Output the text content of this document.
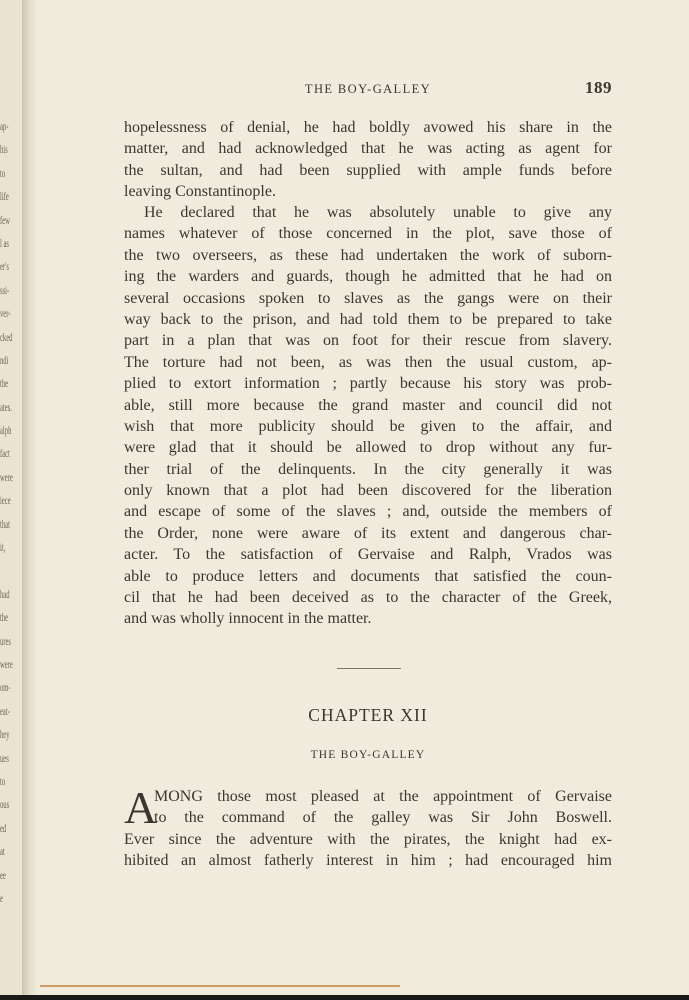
ap-
his
to
life
few
l as
er's
ssi-
ver-
cked
ndi
the
ates.
alph
fact
were
iece
that
it,
had
the
ures
were
om-
eat-
hey
ues
to
ous
ed
at
ee
e
THE BOY-GALLEY	189
hopelessness of denial, he had boldly avowed his share in the
matter, and had acknowledged that he was acting as agent for
the sultan, and had been supplied with ample funds before
leaving Constantinople.
He declared that he was absolutely unable to give any
names whatever of those concerned in the plot, save those of
the two overseers, as these had undertaken the work of suborn-
ing the warders and guards, though he admitted that he had on
several occasions spoken to slaves as the gangs were on their
way back to the prison, and had told them to be prepared to take
part in a plan that was on foot for their rescue from slavery.
The torture had not been, as was then the usual custom, ap-
plied to extort information ; partly because his story was prob-
able, still more because the grand master and council did not
wish that more publicity should be given to the affair, and
were glad that it should be allowed to drop without any fur-
ther trial of the delinquents. In the city generally it was
only known that a plot had been discovered for the liberation
and escape of some of the slaves ; and, outside the members of
the Order, none were aware of its extent and dangerous char-
acter. To the satisfaction of Gervaise and Ralph, Vrados was
able to produce letters and documents that satisfied the coun-
cil that he had been deceived as to the character of the Greek,
and was wholly innocent in the matter.
CHAPTER XII
THE BOY-GALLEY
A
MONG those most pleased at the appointment of Gervaise
to the command of the galley was Sir John Boswell.
Ever since the adventure with the pirates, the knight had ex-
hibited an almost fatherly interest in him ; had encouraged him
